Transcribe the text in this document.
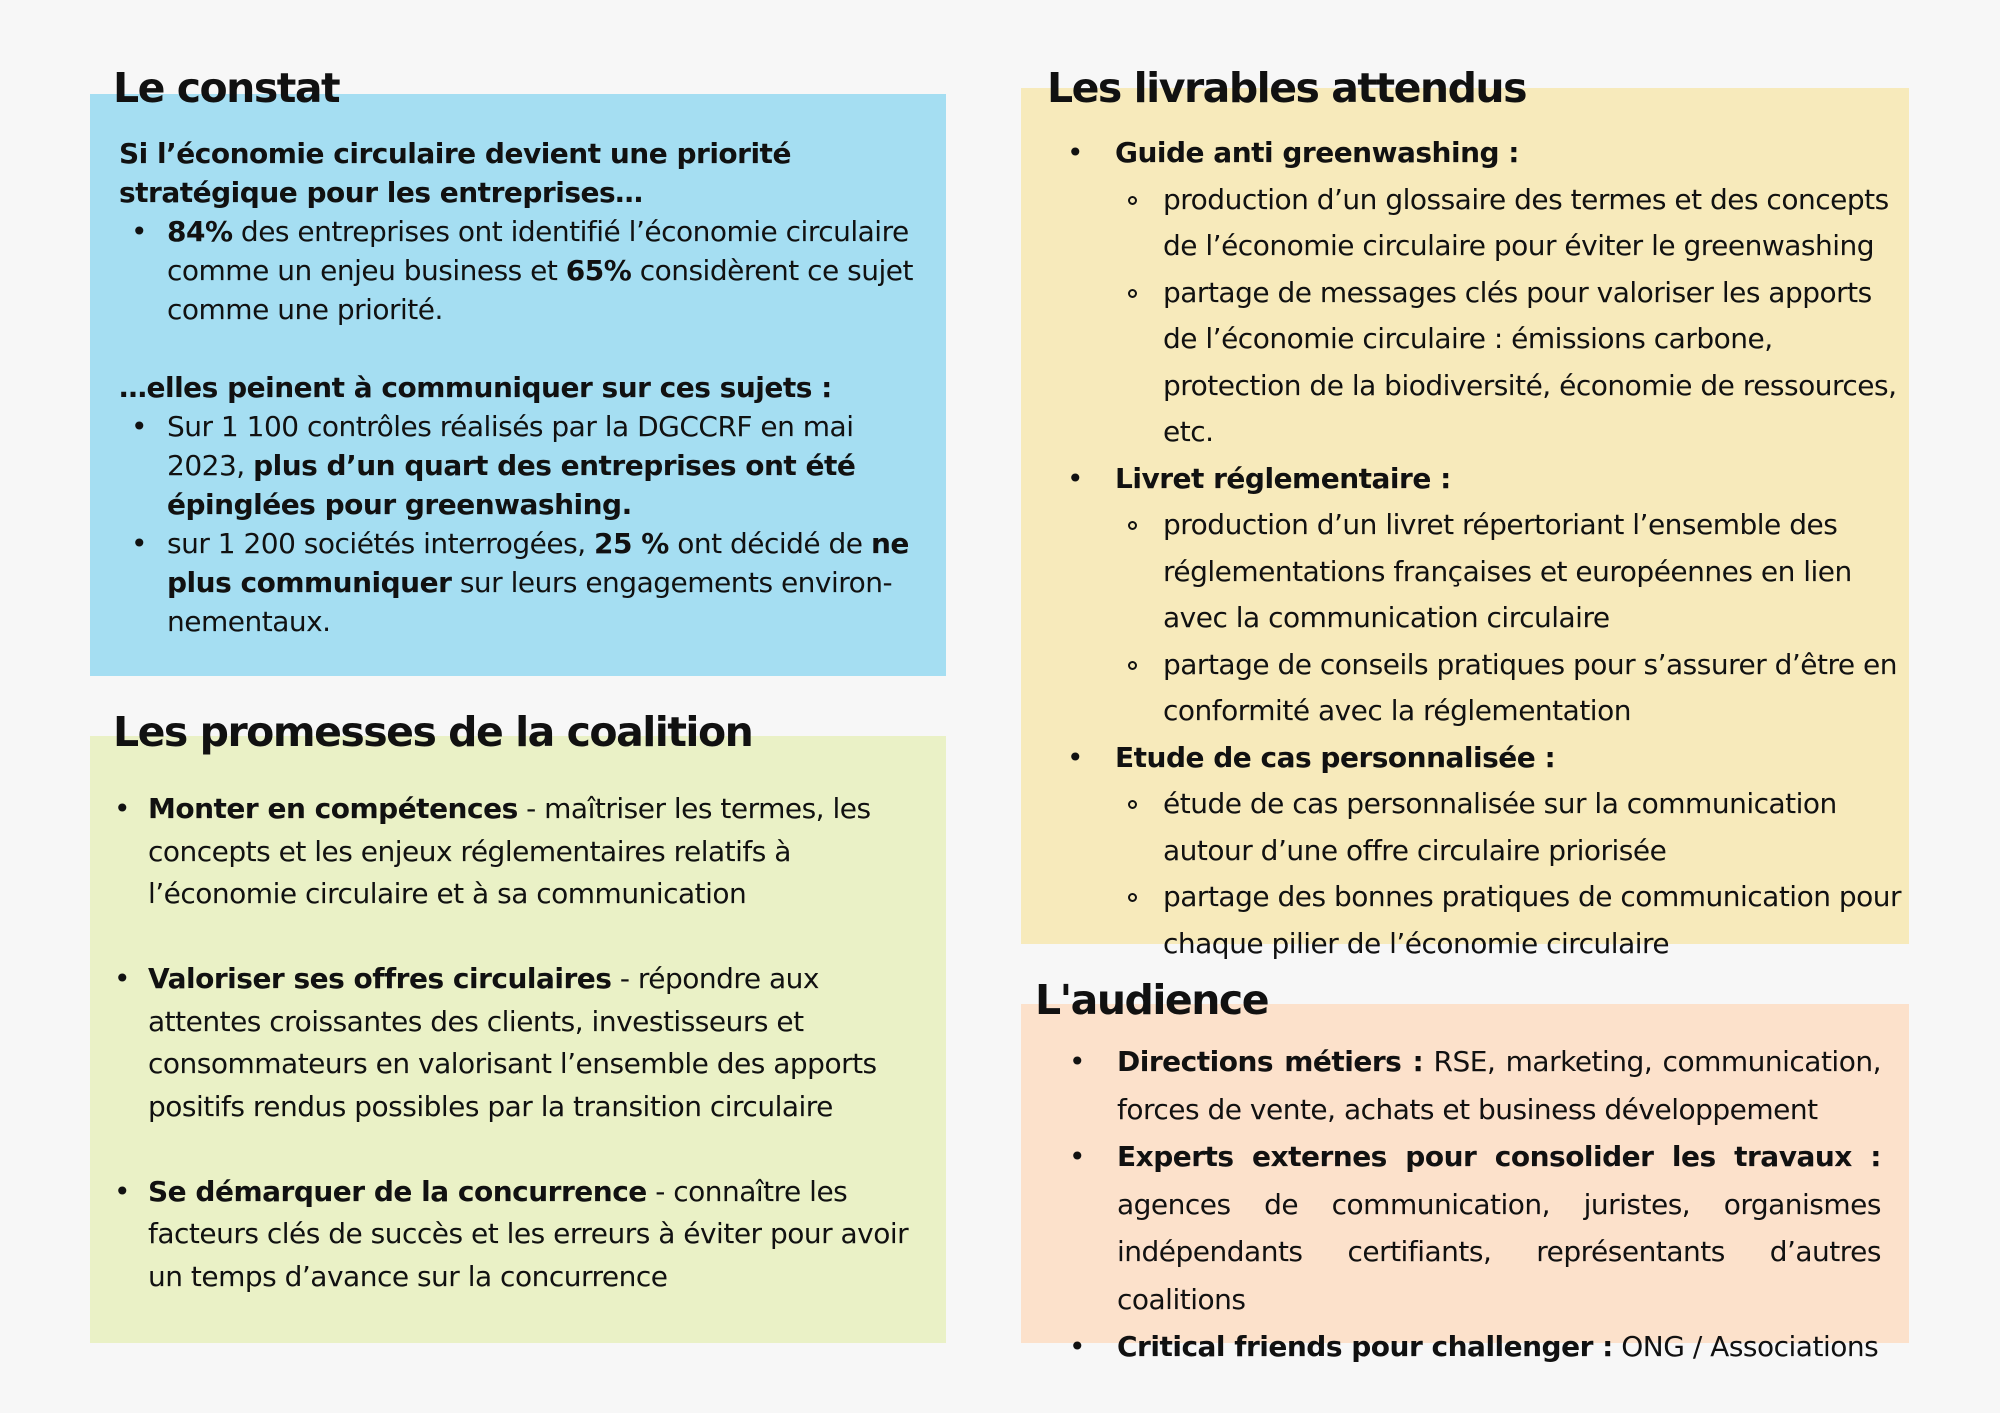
Si l’économie circulaire devient une priorité stratégique pour les entreprises…
• 84% des entreprises ont identifié l’économie circulaire comme un enjeu business et 65% considèrent ce sujet comme une priorité.
…elles peinent à communiquer sur ces sujets :
• Sur 1 100 contrôles réalisés par la DGCCRF en mai 2023, plus d’un quart des entreprises ont été épinglées pour greenwashing.
• sur 1 200 sociétés interrogées, 25 % ont décidé de ne plus communiquer sur leurs engagements environ-nementaux.
Le constat
• Monter en compétences - maîtriser les termes, les concepts et les enjeux réglementaires relatifs à l’économie circulaire et à sa communication
• Valoriser ses offres circulaires - répondre aux attentes croissantes des clients, investisseurs et consommateurs en valorisant l’ensemble des apports positifs rendus possibles par la transition circulaire
• Se démarquer de la concurrence - connaître les facteurs clés de succès et les erreurs à éviter pour avoir un temps d’avance sur la concurrence
Les promesses de la coalition
• Guide anti greenwashing :
production d’un glossaire des termes et des concepts de l’économie circulaire pour éviter le greenwashing
partage de messages clés pour valoriser les apports de l’économie circulaire : émissions carbone, protection de la biodiversité, économie de ressources, etc.
• Livret réglementaire :
production d’un livret répertoriant l’ensemble des réglementations françaises et européennes en lien avec la communication circulaire
partage de conseils pratiques pour s’assurer d’être en conformité avec la réglementation
• Etude de cas personnalisée :
étude de cas personnalisée sur la communication autour d’une offre circulaire priorisée
partage des bonnes pratiques de communication pour chaque pilier de l’économie circulaire
Les livrables attendus
• Directions métiers : RSE, marketing, communication, forces de vente, achats et business développement
• Experts externes pour consolider les travaux : agences de communication, juristes, organismes indépendants certifiants, représentants d’autres coalitions
• Critical friends pour challenger : ONG / Associations
L'audience
